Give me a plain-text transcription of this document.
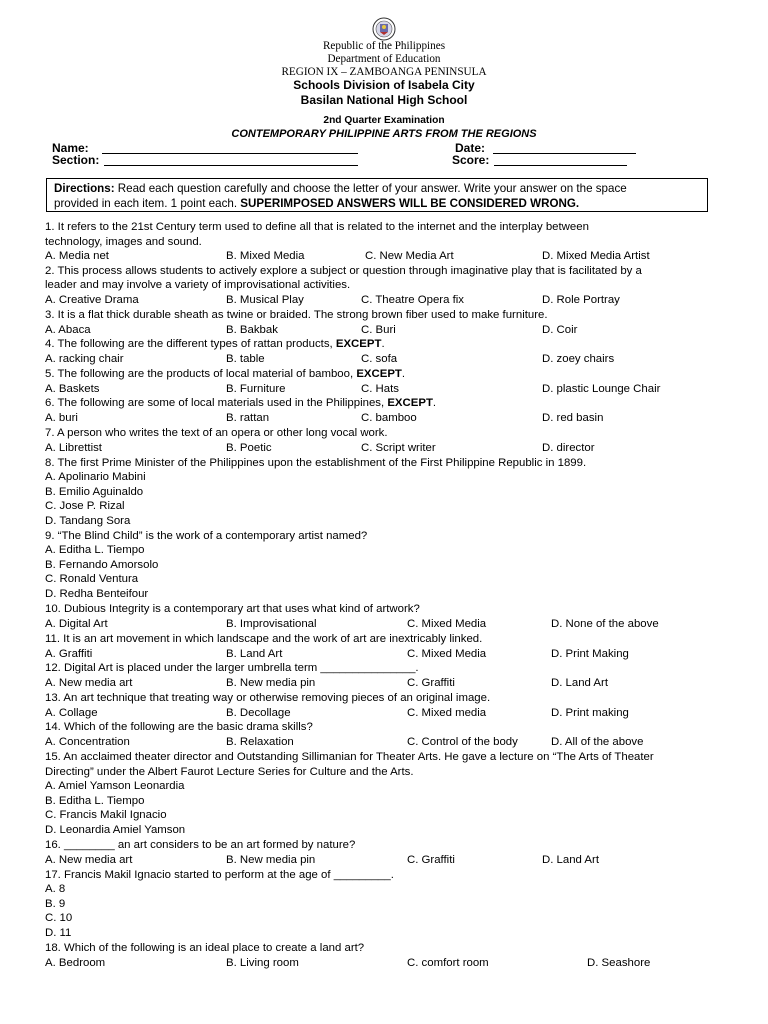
Republic of the Philippines
Department of Education
REGION IX – ZAMBOANGA PENINSULA
Schools Division of Isabela City
Basilan National High School
2nd Quarter Examination
CONTEMPORARY PHILIPPINE ARTS FROM THE REGIONS
Name:
Section:
Date:
Score:
Directions: Read each question carefully and choose the letter of your answer. Write your answer on the space
provided in each item. 1 point each. SUPERIMPOSED ANSWERS WILL BE CONSIDERED WRONG.
1. It refers to the 21st Century term used to define all that is related to the internet and the interplay between
technology, images and sound.
A. Media net	B. Mixed Media	C. New Media Art	D. Mixed Media Artist
2. This process allows students to actively explore a subject or question through imaginative play that is facilitated by a
leader and may involve a variety of improvisational activities.
A. Creative Drama	B. Musical Play	C. Theatre Opera fix	D. Role Portray
3. It is a flat thick durable sheath as twine or braided. The strong brown fiber used to make furniture.
A. Abaca	B. Bakbak	C. Buri	D. Coir
4. The following are the different types of rattan products, EXCEPT.
A. racking chair	B. table	C. sofa	D. zoey chairs
5. The following are the products of local material of bamboo, EXCEPT.
A. Baskets	B. Furniture	C. Hats	D. plastic Lounge Chair
6. The following are some of local materials used in the Philippines, EXCEPT.
A. buri	B. rattan	C. bamboo	D. red basin
7. A person who writes the text of an opera or other long vocal work.
A. Librettist	B. Poetic	C. Script writer	D. director
8. The first Prime Minister of the Philippines upon the establishment of the First Philippine Republic in 1899.
A. Apolinario Mabini
B. Emilio Aguinaldo
C. Jose P. Rizal
D. Tandang Sora
9. “The Blind Child” is the work of a contemporary artist named?
A. Editha L. Tiempo
B. Fernando Amorsolo
C. Ronald Ventura
D. Redha Benteifour
10. Dubious Integrity is a contemporary art that uses what kind of artwork?
A. Digital Art	B. Improvisational	C. Mixed Media	D. None of the above
11. It is an art movement in which landscape and the work of art are inextricably linked.
A. Graffiti	B. Land Art	C. Mixed Media	D. Print Making
12. Digital Art is placed under the larger umbrella term _______________.
A. New media art	B. New media pin	C. Graffiti	D. Land Art
13. An art technique that treating way or otherwise removing pieces of an original image.
A. Collage	B. Decollage	C. Mixed media	D. Print making
14. Which of the following are the basic drama skills?
A. Concentration	B. Relaxation	C. Control of the body	D. All of the above
15. An acclaimed theater director and Outstanding Sillimanian for Theater Arts. He gave a lecture on “The Arts of Theater
Directing” under the Albert Faurot Lecture Series for Culture and the Arts.
A. Amiel Yamson Leonardia
B. Editha L. Tiempo
C. Francis Makil Ignacio
D. Leonardia Amiel Yamson
16. ________ an art considers to be an art formed by nature?
A. New media art	B. New media pin	C. Graffiti	D. Land Art
17. Francis Makil Ignacio started to perform at the age of _________.
A. 8
B. 9
C. 10
D. 11
18. Which of the following is an ideal place to create a land art?
A. Bedroom	B. Living room	C. comfort room	D. Seashore
